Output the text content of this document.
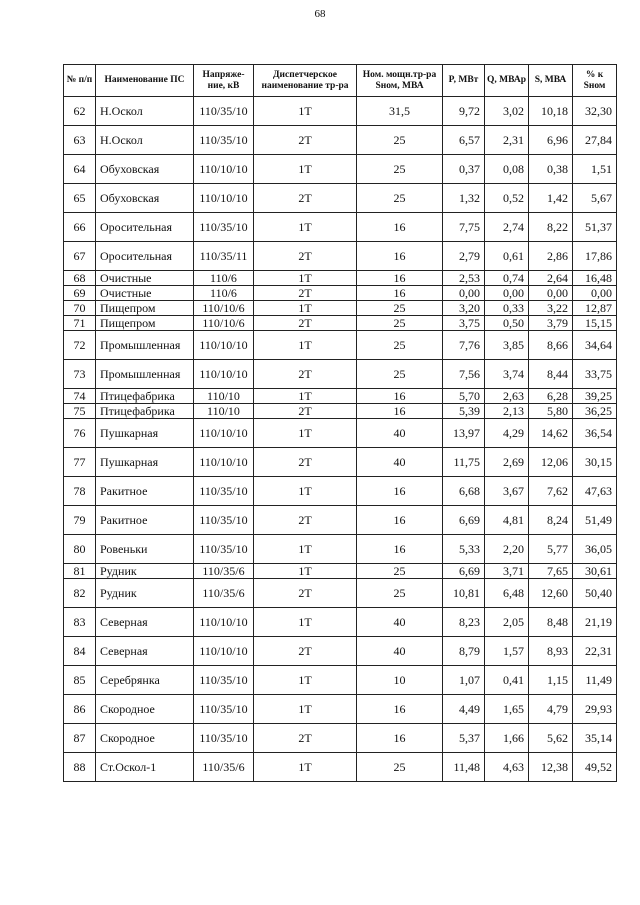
68
№ п/п	Наименование ПС	Напряже-ние, кВ	Диспетчерское наименование тр-ра	Ном. мощн.тр-ра Sном, МВА	P, МВт	Q, МВАр	S, МВА	% к Sном
62	Н.Оскол	110/35/10	1Т	31,5	9,72	3,02	10,18	32,30
63	Н.Оскол	110/35/10	2Т	25	6,57	2,31	6,96	27,84
64	Обуховская	110/10/10	1Т	25	0,37	0,08	0,38	1,51
65	Обуховская	110/10/10	2Т	25	1,32	0,52	1,42	5,67
66	Оросительная	110/35/10	1Т	16	7,75	2,74	8,22	51,37
67	Оросительная	110/35/11	2Т	16	2,79	0,61	2,86	17,86
68	Очистные	110/6	1Т	16	2,53	0,74	2,64	16,48
69	Очистные	110/6	2Т	16	0,00	0,00	0,00	0,00
70	Пищепром	110/10/6	1Т	25	3,20	0,33	3,22	12,87
71	Пищепром	110/10/6	2Т	25	3,75	0,50	3,79	15,15
72	Промышленная	110/10/10	1Т	25	7,76	3,85	8,66	34,64
73	Промышленная	110/10/10	2Т	25	7,56	3,74	8,44	33,75
74	Птицефабрика	110/10	1Т	16	5,70	2,63	6,28	39,25
75	Птицефабрика	110/10	2Т	16	5,39	2,13	5,80	36,25
76	Пушкарная	110/10/10	1Т	40	13,97	4,29	14,62	36,54
77	Пушкарная	110/10/10	2Т	40	11,75	2,69	12,06	30,15
78	Ракитное	110/35/10	1Т	16	6,68	3,67	7,62	47,63
79	Ракитное	110/35/10	2Т	16	6,69	4,81	8,24	51,49
80	Ровеньки	110/35/10	1Т	16	5,33	2,20	5,77	36,05
81	Рудник	110/35/6	1Т	25	6,69	3,71	7,65	30,61
82	Рудник	110/35/6	2Т	25	10,81	6,48	12,60	50,40
83	Северная	110/10/10	1Т	40	8,23	2,05	8,48	21,19
84	Северная	110/10/10	2Т	40	8,79	1,57	8,93	22,31
85	Серебрянка	110/35/10	1Т	10	1,07	0,41	1,15	11,49
86	Скородное	110/35/10	1Т	16	4,49	1,65	4,79	29,93
87	Скородное	110/35/10	2Т	16	5,37	1,66	5,62	35,14
88	Ст.Оскол-1	110/35/6	1Т	25	11,48	4,63	12,38	49,52
